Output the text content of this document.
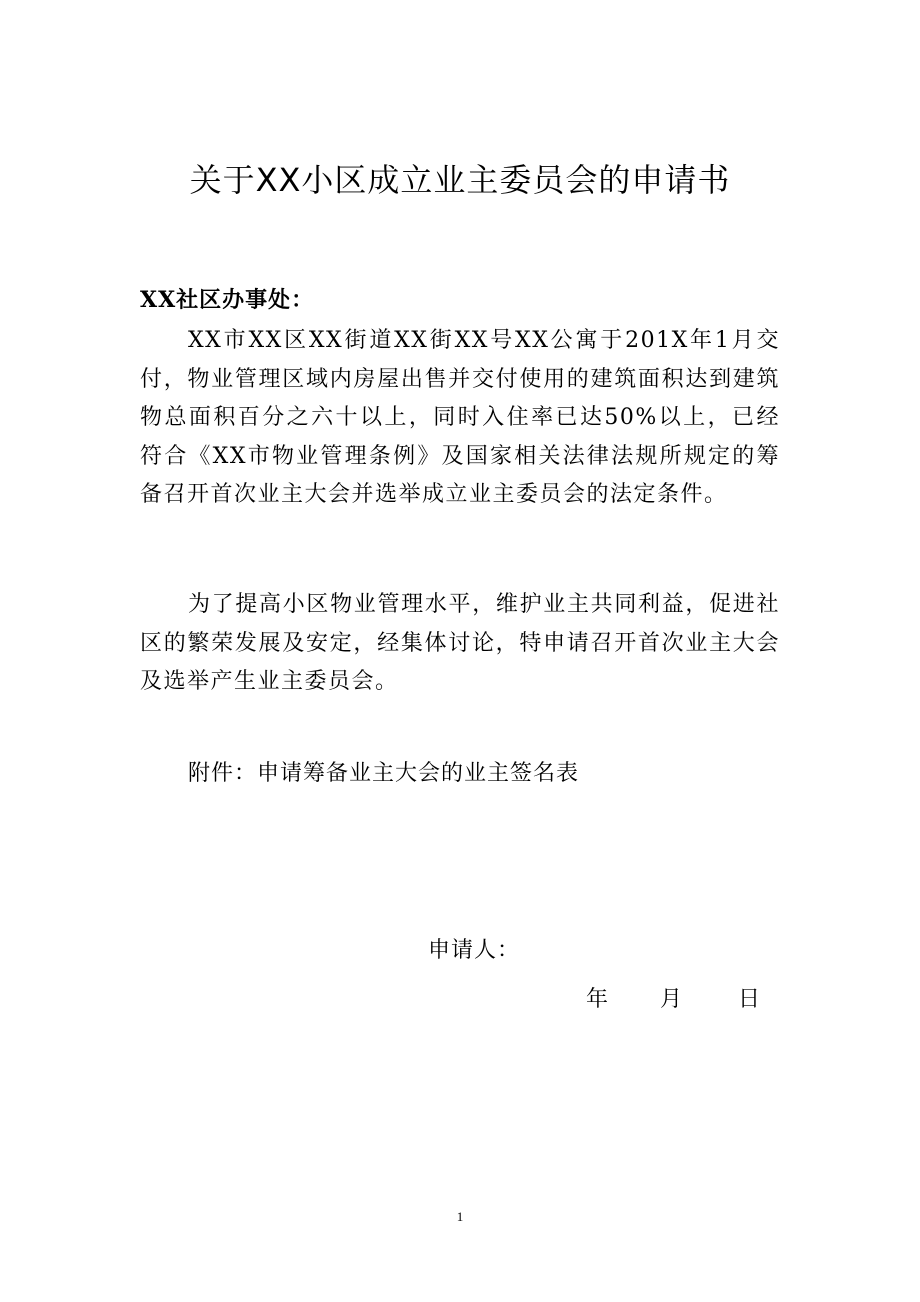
关于XX小区成立业主委员会的申请书
XX社区办事处：

XX市XX区XX街道XX街XX号XX公寓于201X年1月交付，物业管理区域内房屋出售并交付使用的建筑面积达到建筑物总面积百分之六十以上，同时入住率已达50%以上，已经符合《XX市物业管理条例》及国家相关法律法规所规定的筹备召开首次业主大会并选举成立业主委员会的法定条件。

为了提高小区物业管理水平，维护业主共同利益，促进社区的繁荣发展及安定，经集体讨论，特申请召开首次业主大会及选举产生业主委员会。

附件：申请筹备业主大会的业主签名表
申请人：
年	月	日
1
